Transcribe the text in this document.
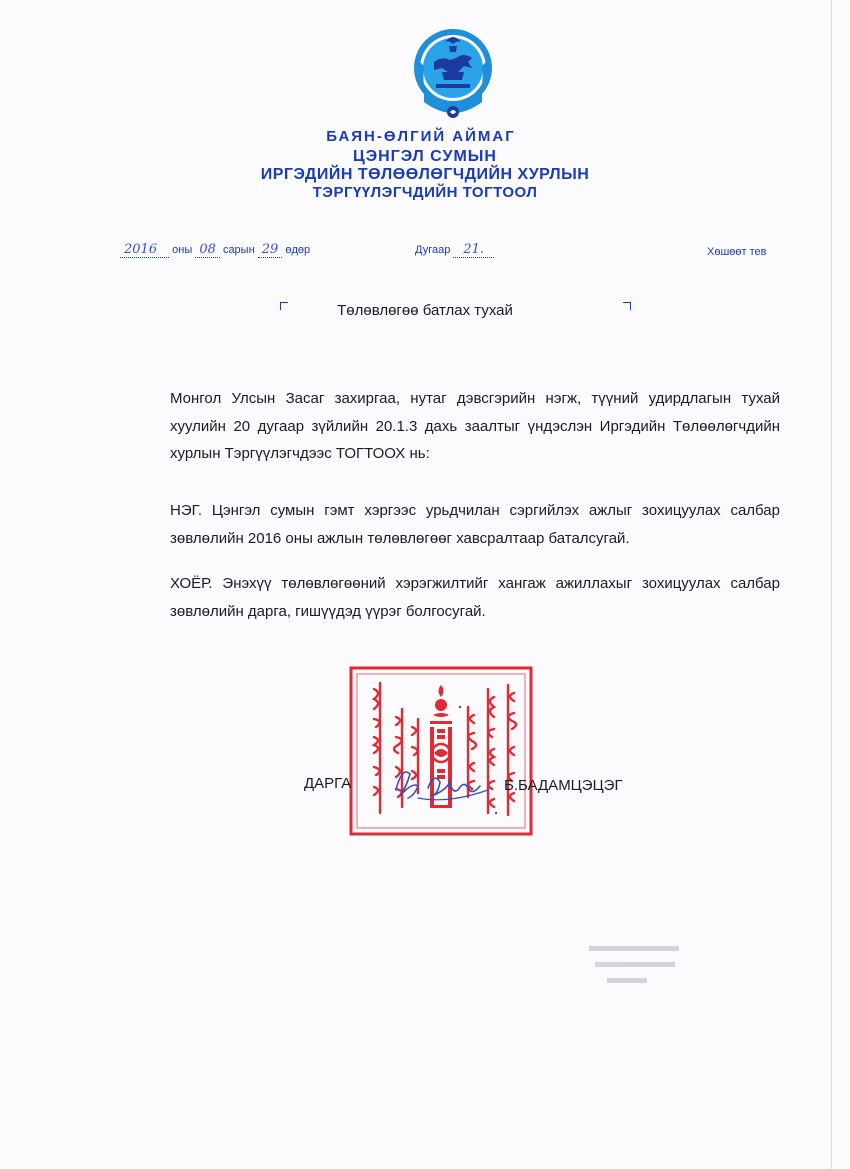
БАЯН-ӨЛГИЙ АЙМАГ
ЦЭНГЭЛ СУМЫН
ИРГЭДИЙН ТӨЛӨӨЛӨГЧДИЙН ХУРЛЫН
ТЭРГҮҮЛЭГЧДИЙН ТОГТООЛ
2016 оны 08 сарын 29 өдөр	Дугаар 21.	Хөшөөт тев
Төлөвлөгөө батлах тухай
Монгол Улсын Засаг захиргаа, нутаг дэвсгэрийн нэгж, түүний удирдлагын тухай хуулийн 20 дугаар зүйлийн 20.1.3 дахь заалтыг үндэслэн Иргэдийн Төлөөлөгчдийн хурлын Тэргүүлэгчдээс ТОГТООХ нь:
НЭГ. Цэнгэл сумын гэмт хэргээс урьдчилан сэргийлэх ажлыг зохицуулах салбар зөвлөлийн 2016 оны ажлын төлөвлөгөөг хавсралтаар баталсугай.
ХОЁР. Энэхүү төлөвлөгөөний хэрэгжилтийг хангаж ажиллахыг зохицуулах салбар зөвлөлийн дарга, гишүүдэд үүрэг болгосугай.
ДАРГА	Б.БАДАМЦЭЦЭГ
